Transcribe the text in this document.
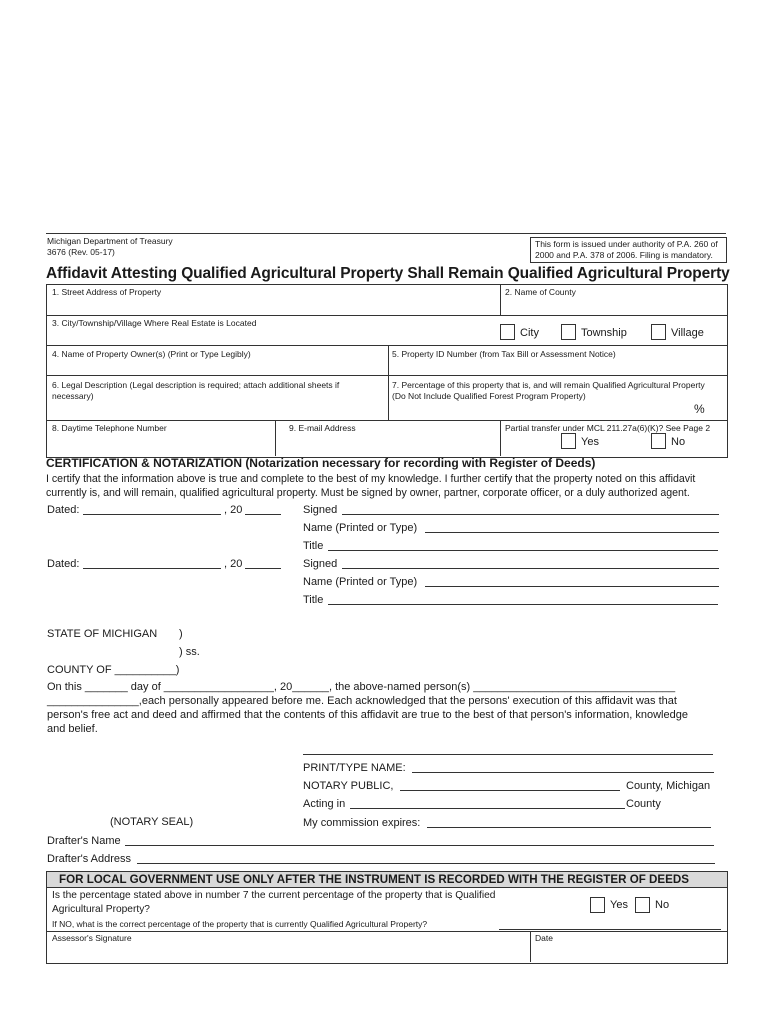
Michigan Department of Treasury
3676 (Rev. 05-17)
This form is issued under authority of P.A. 260 of
2000 and P.A. 378 of 2006. Filing is mandatory.
Affidavit Attesting Qualified Agricultural Property Shall Remain Qualified Agricultural Property
1. Street Address of Property	2. Name of County
3. City/Township/Village Where Real Estate is Located
City	Township	Village
4. Name of Property Owner(s) (Print or Type Legibly)	5. Property ID Number (from Tax Bill or Assessment Notice)
6. Legal Description (Legal description is required; attach additional sheets if
necessary)
7. Percentage of this property that is, and will remain Qualified Agricultural Property
(Do Not Include Qualified Forest Program Property)
%
8. Daytime Telephone Number	9. E-mail Address	Partial transfer under MCL 211.27a(6)(K)? See Page 2
Yes	No
CERTIFICATION & NOTARIZATION (Notarization necessary for recording with Register of Deeds)
I certify that the information above is true and complete to the best of my knowledge. I further certify that the property noted on this affidavit
currently is, and will remain, qualified agricultural property. Must be signed by owner, partner, corporate officer, or a duly authorized agent.
Dated:	, 20	Signed
Name (Printed or Type)
Title
Dated:	, 20	Signed
Name (Printed or Type)
Title
STATE OF MICHIGAN )
) ss.
COUNTY OF __________)
On this _______ day of __________________, 20______, the above-named person(s) _________________________________
_______________,each personally appeared before me. Each acknowledged that the persons' execution of this affidavit was that
person's free act and deed and affirmed that the contents of this affidavit are true to the best of that person's information, knowledge
and belief.
PRINT/TYPE NAME:
NOTARY PUBLIC,	County, Michigan
Acting in	County
(NOTARY SEAL)	My commission expires:
Drafter's Name
Drafter's Address
FOR LOCAL GOVERNMENT USE ONLY AFTER THE INSTRUMENT IS RECORDED WITH THE REGISTER OF DEEDS
Is the percentage stated above in number 7 the current percentage of the property that is Qualified
Agricultural Property?	Yes No
If NO, what is the correct percentage of the property that is currently Qualified Agricultural Property?
Assessor's Signature	Date
